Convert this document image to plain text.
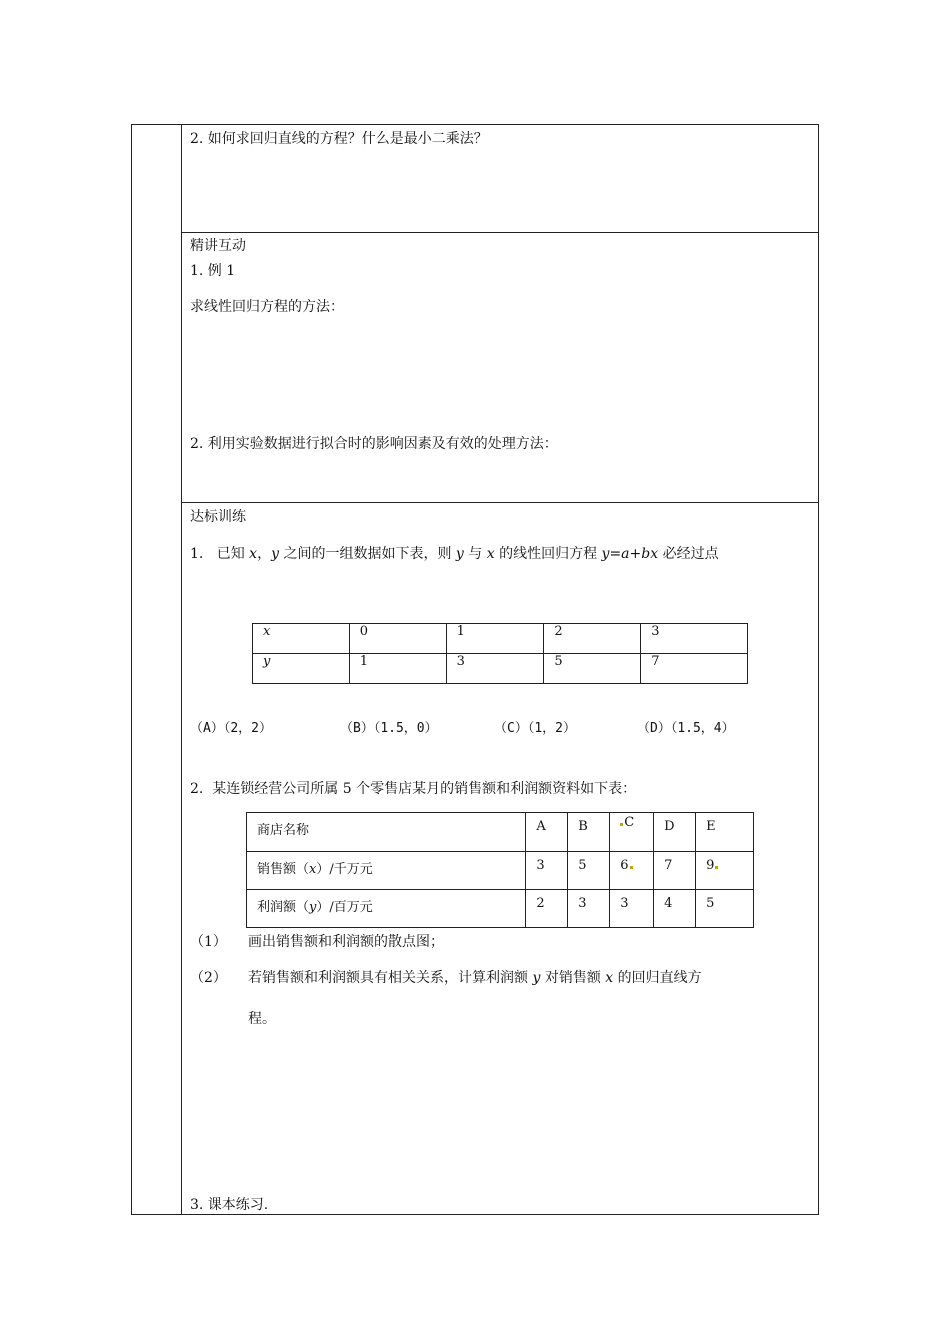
2. 如何求回归直线的方程？什么是最小二乘法？
精讲互动
1. 例 1
求线性回归方程的方法：
2. 利用实验数据进行拟合时的影响因素及有效的处理方法：
达标训练
1. 已知 x，y 之间的一组数据如下表，则 y 与 x 的线性回归方程 y=a+bx 必经过点
x	0	1	2	3
y	1	3	5	7
（A）（2，2）	（B）（1.5，0）	（C）（1，2）	（D）（1.5，4）
2. 某连锁经营公司所属 5 个零售店某月的销售额和利润额资料如下表：
商店名称	A	B	C	D	E
销售额（x）/千万元	3	5	6	7	9
利润额（y）/百万元	2	3	3	4	5
（1） 画出销售额和利润额的散点图；
（2） 若销售额和利润额具有相关关系，计算利润额 y 对销售额 x 的回归直线方
程。
3. 课本练习.
